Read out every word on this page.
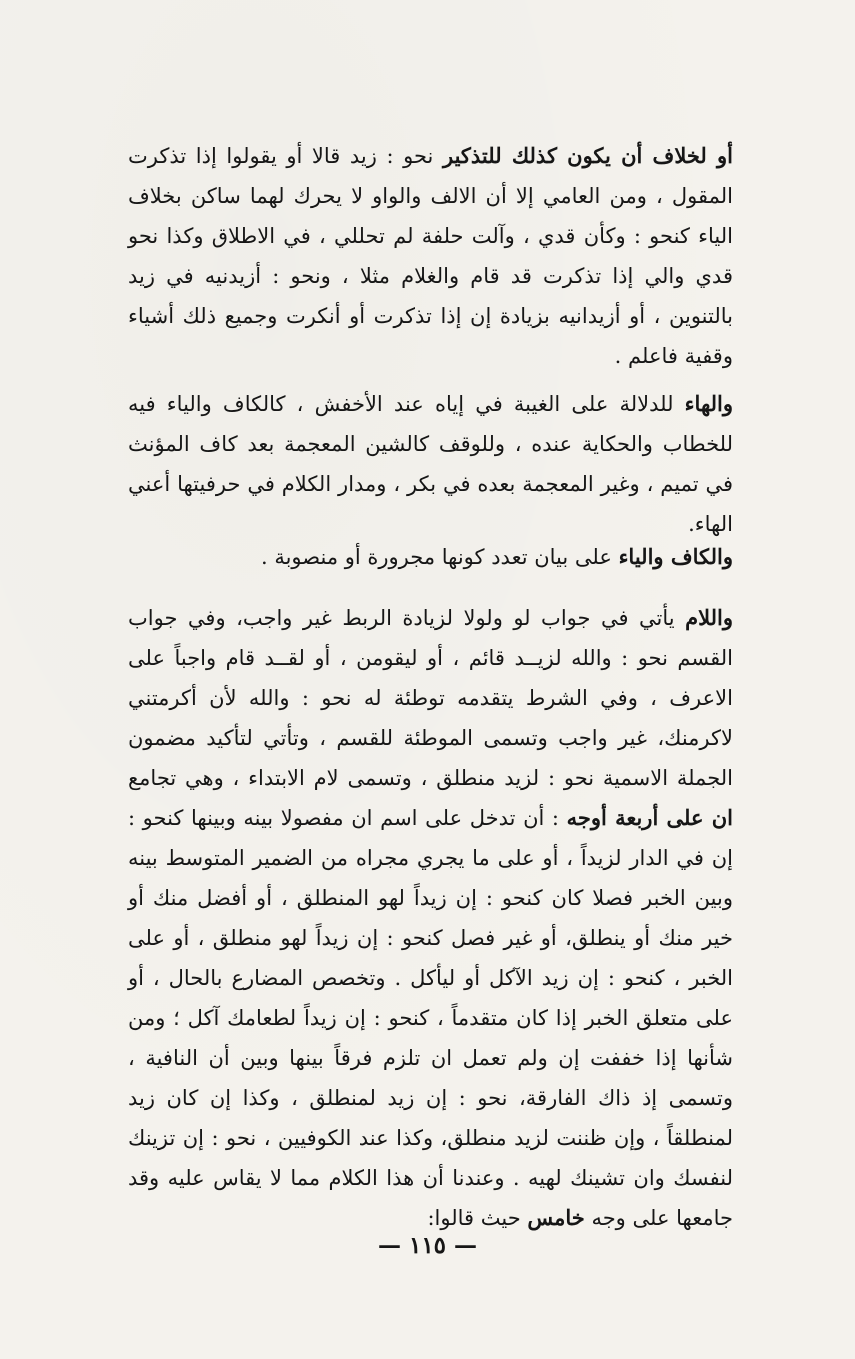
أو لخلاف أن يكون كذلك للتذكير نحو : زيد قالا أو يقولوا إذا تذكرت المقول ، ومن العامي إلا أن الالف والواو لا يحرك لهما ساكن بخلاف الياء كنحو : وكأن قدي ، وآلت حلفة لم تحللي ، في الاطلاق وكذا نحو قدي والي إذا تذكرت قد قام والغلام مثلا ، ونحو : أزيدنيه في زيد بالتنوين ، أو أزيدانيه بزيادة إن إذا تذكرت أو أنكرت وجميع ذلك أشياء وقفية فاعلم .

والهاء للدلالة على الغيبة في إياه عند الأخفش ، كالكاف والياء فيه للخطاب والحكاية عنده ، وللوقف كالشين المعجمة بعد كاف المؤنث في تميم ، وغير المعجمة بعده في بكر ، ومدار الكلام في حرفيتها أعني الهاء.

والكاف والياء على بيان تعدد كونها مجرورة أو منصوبة .

واللام يأتي في جواب لو ولولا لزيادة الربط غير واجب، وفي جواب القسم نحو : والله لزيــد قائم ، أو ليقومن ، أو لقــد قام واجباً على الاعرف ، وفي الشرط يتقدمه توطئة له نحو : والله لأن أكرمتني لاكرمنك، غير واجب وتسمى الموطئة للقسم ، وتأتي لتأكيد مضمون الجملة الاسمية نحو : لزيد منطلق ، وتسمى لام الابتداء ، وهي تجامع ان على أربعة أوجه : أن تدخل على اسم ان مفصولا بينه وبينها كنحو : إن في الدار لزيداً ، أو على ما يجري مجراه من الضمير المتوسط بينه وبين الخبر فصلا كان كنحو : إن زيداً لهو المنطلق ، أو أفضل منك أو خير منك أو ينطلق، أو غير فصل كنحو : إن زيداً لهو منطلق ، أو على الخبر ، كنحو : إن زيد الآكل أو ليأكل . وتخصص المضارع بالحال ، أو على متعلق الخبر إذا كان متقدماً ، كنحو : إن زيداً لطعامك آكل ؛ ومن شأنها إذا خففت إن ولم تعمل ان تلزم فرقاً بينها وبين أن النافية ، وتسمى إذ ذاك الفارقة، نحو : إن زيد لمنطلق ، وكذا إن كان زيد لمنطلقاً ، وإن ظننت لزيد منطلق، وكذا عند الكوفيين ، نحو : إن تزينك لنفسك وان تشينك لهيه . وعندنا أن هذا الكلام مما لا يقاس عليه وقد جامعها على وجه خامس حيث قالوا:

— ١١٥ —
